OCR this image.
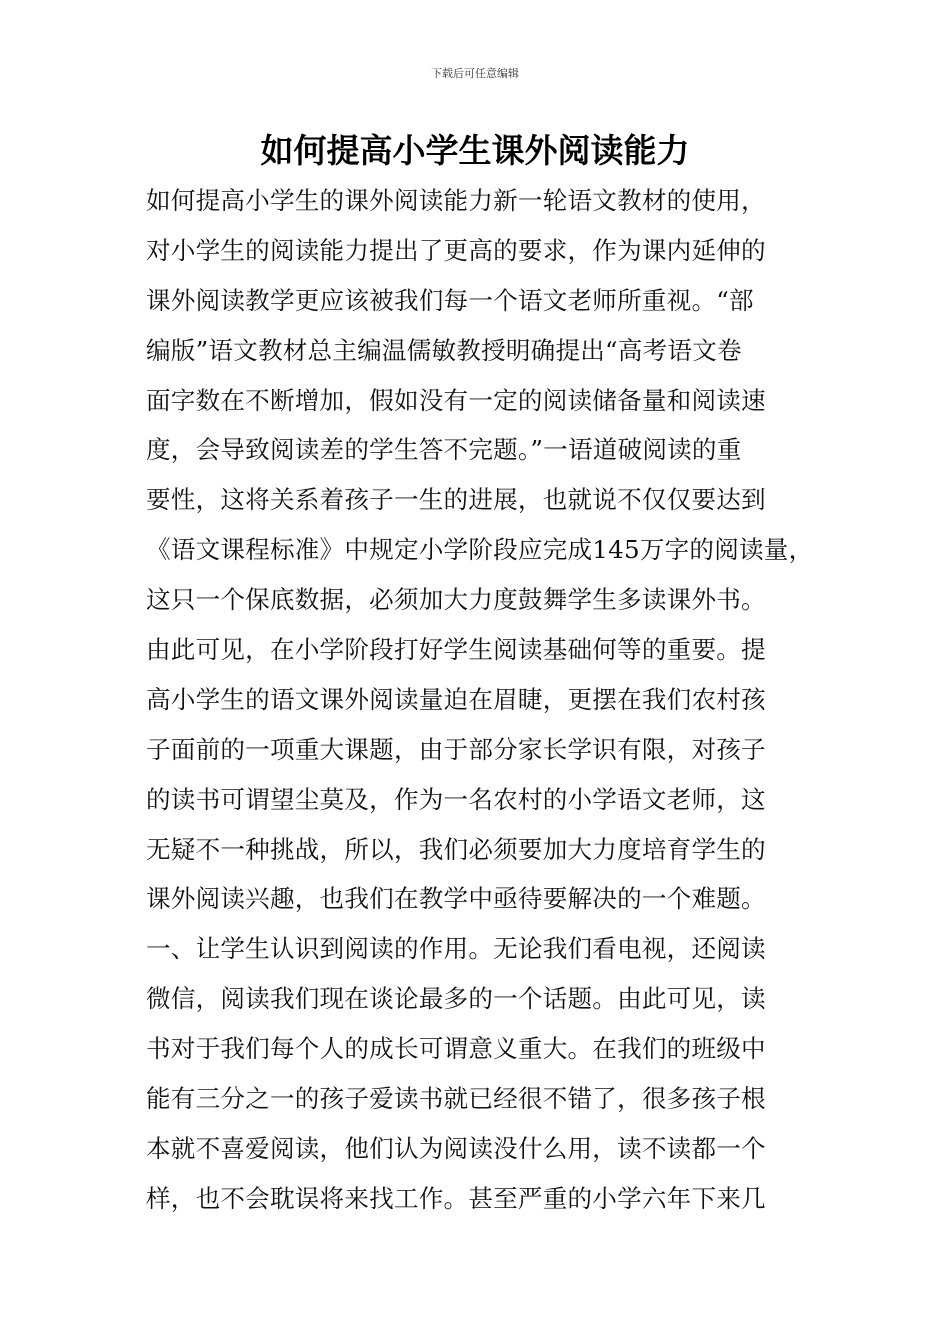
下载后可任意编辑
如何提高小学生课外阅读能力
如何提高小学生的课外阅读能力新一轮语文教材的使用，
对小学生的阅读能力提出了更高的要求，作为课内延伸的
课外阅读教学更应该被我们每一个语文老师所重视。“部
编版”语文教材总主编温儒敏教授明确提出“高考语文卷
面字数在不断增加，假如没有一定的阅读储备量和阅读速
度，会导致阅读差的学生答不完题。”一语道破阅读的重
要性，这将关系着孩子一生的进展，也就说不仅仅要达到
《语文课程标准》中规定小学阶段应完成145万字的阅读量，
这只一个保底数据，必须加大力度鼓舞学生多读课外书。
由此可见，在小学阶段打好学生阅读基础何等的重要。提
高小学生的语文课外阅读量迫在眉睫，更摆在我们农村孩
子面前的一项重大课题，由于部分家长学识有限，对孩子
的读书可谓望尘莫及，作为一名农村的小学语文老师，这
无疑不一种挑战，所以，我们必须要加大力度培育学生的
课外阅读兴趣，也我们在教学中亟待要解决的一个难题。
一、让学生认识到阅读的作用。无论我们看电视，还阅读
微信，阅读我们现在谈论最多的一个话题。由此可见，读
书对于我们每个人的成长可谓意义重大。在我们的班级中
能有三分之一的孩子爱读书就已经很不错了，很多孩子根
本就不喜爱阅读，他们认为阅读没什么用，读不读都一个
样，也不会耽误将来找工作。甚至严重的小学六年下来几
